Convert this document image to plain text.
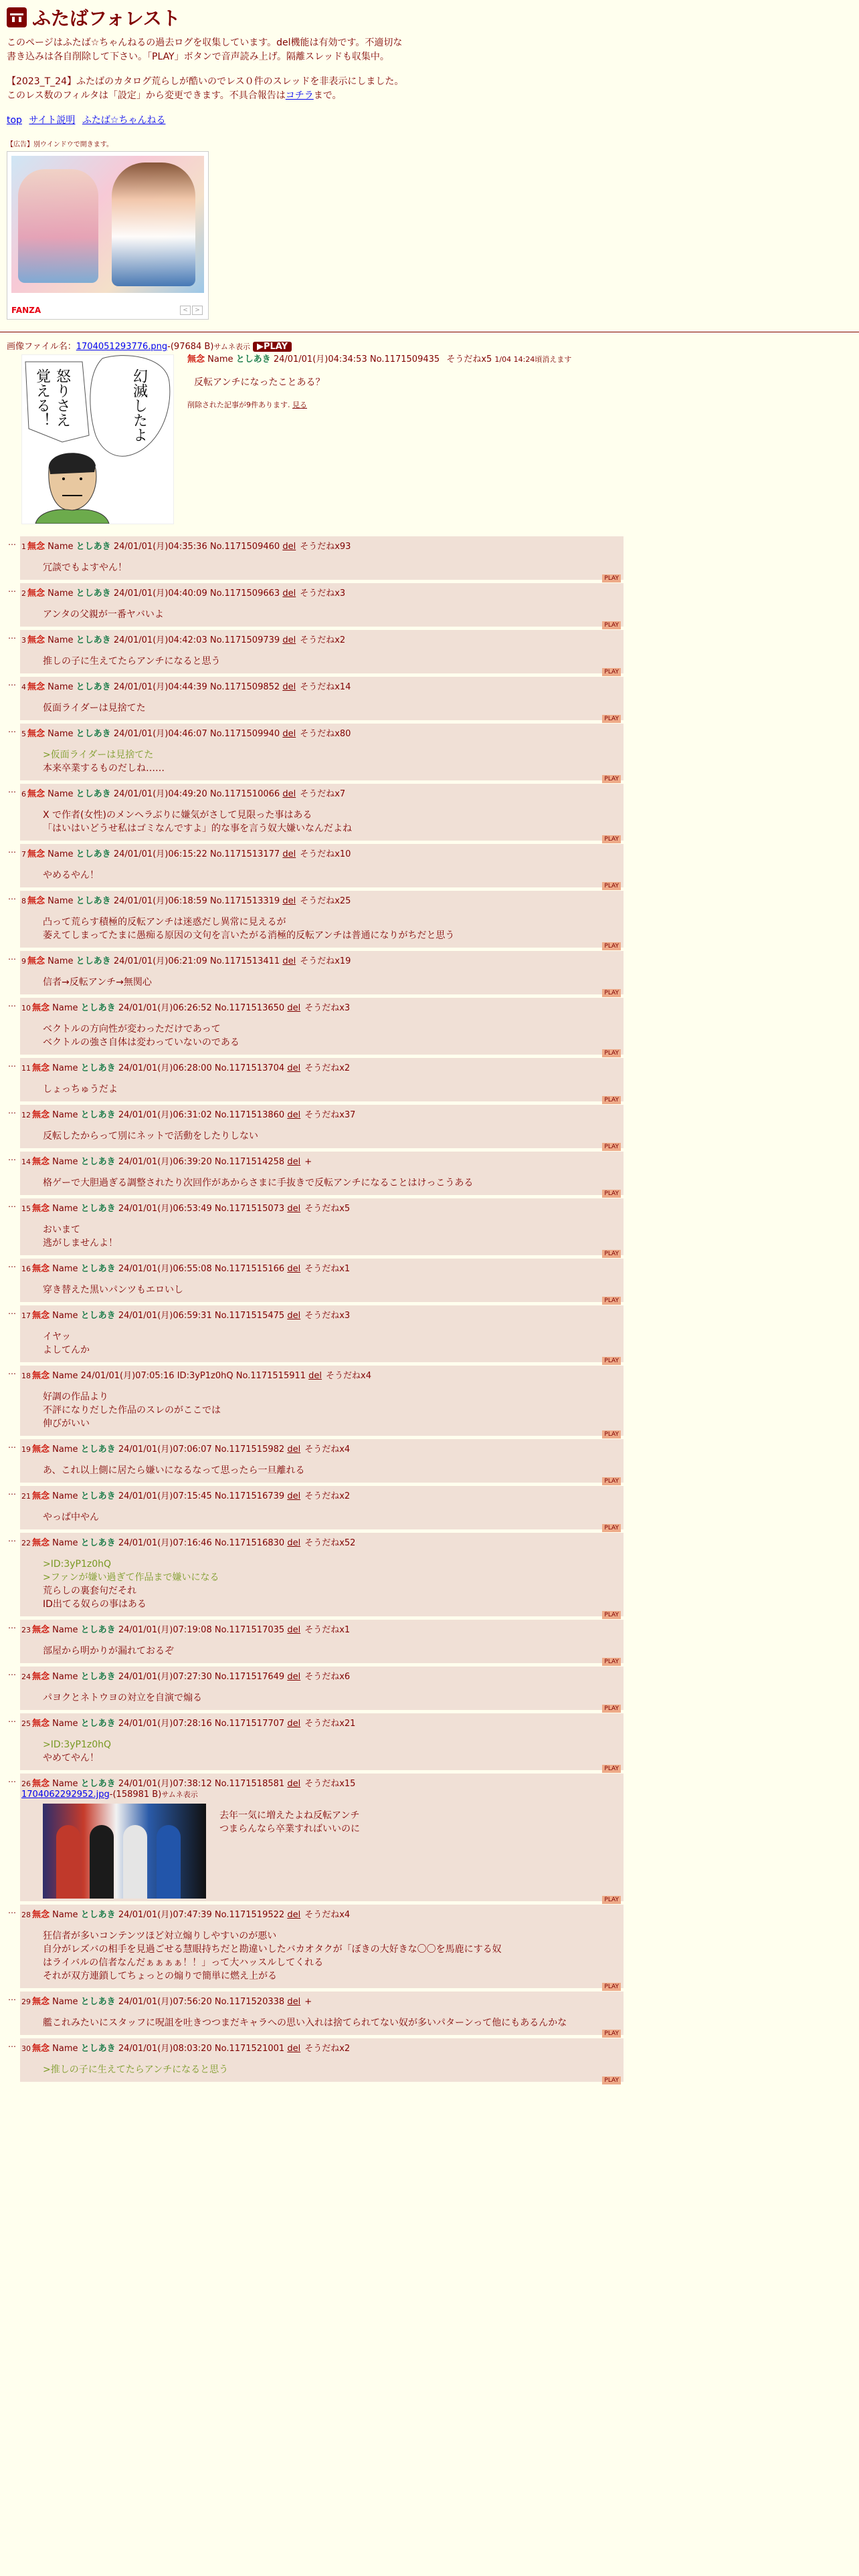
ふたばフォレスト

このページはふたば☆ちゃんねるの過去ログを収集しています。del機能は有効です。不適切な書き込みは各自削除して下さい。「PLAY」ボタンで音声読み上げ。隔離スレッドも収集中。

【2023_T_24】ふたばのカタログ荒らしが酷いのでレス０件のスレッドを非表示にしました。このレス数のフィルタは「設定」から変更できます。不具合報告はコチラまで。

top サイト説明 ふたば☆ちゃんねる
【広告】別ウインドウで開きます。
FANZA	<	>
画像ファイル名：1704051293776.png-(97684 B)サムネ表示 ▶PLAY
幻滅したよ
怒りさえ
覚える！
無念 Name としあき 24/01/01(月)04:34:53 No.1171509435 そうだねx5 1/04 14:24頃消えます
反転アンチになったことある？
削除された記事が9件あります. 見る
… 1 無念 Name としあき 24/01/01(月)04:35:36 No.1171509460 del そうだねx93
冗談でもよすやん！
PLAY
… 2 無念 Name としあき 24/01/01(月)04:40:09 No.1171509663 del そうだねx3
アンタの父親が一番ヤバいよ
PLAY
… 3 無念 Name としあき 24/01/01(月)04:42:03 No.1171509739 del そうだねx2
推しの子に生えてたらアンチになると思う
PLAY
… 4 無念 Name としあき 24/01/01(月)04:44:39 No.1171509852 del そうだねx14
仮面ライダーは見捨てた
PLAY
… 5 無念 Name としあき 24/01/01(月)04:46:07 No.1171509940 del そうだねx80
>仮面ライダーは見捨てた
本来卒業するものだしね……
PLAY
… 6 無念 Name としあき 24/01/01(月)04:49:20 No.1171510066 del そうだねx7
X で作者(女性)のメンヘラぶりに嫌気がさして見限った事はある
「はいはいどうせ私はゴミなんですよ」的な事を言う奴大嫌いなんだよね
PLAY
… 7 無念 Name としあき 24/01/01(月)06:15:22 No.1171513177 del そうだねx10
やめるやん！
PLAY
… 8 無念 Name としあき 24/01/01(月)06:18:59 No.1171513319 del そうだねx25
凸って荒らす積極的反転アンチは迷惑だし異常に見えるが
萎えてしまってたまに愚痴る原因の文句を言いたがる消極的反転アンチは普通になりがちだと思う
PLAY
… 9 無念 Name としあき 24/01/01(月)06:21:09 No.1171513411 del そうだねx19
信者→反転アンチ→無関心
PLAY
… 10 無念 Name としあき 24/01/01(月)06:26:52 No.1171513650 del そうだねx3
ベクトルの方向性が変わっただけであって
ベクトルの強さ自体は変わっていないのである
PLAY
… 11 無念 Name としあき 24/01/01(月)06:28:00 No.1171513704 del そうだねx2
しょっちゅうだよ
PLAY
… 12 無念 Name としあき 24/01/01(月)06:31:02 No.1171513860 del そうだねx37
反転したからって別にネットで活動をしたりしない
PLAY
… 14 無念 Name としあき 24/01/01(月)06:39:20 No.1171514258 del +
格ゲーで大胆過ぎる調整されたり次回作があからさまに手抜きで反転アンチになることはけっこうある
PLAY
… 15 無念 Name としあき 24/01/01(月)06:53:49 No.1171515073 del そうだねx5
おいまて
逃がしませんよ！
PLAY
… 16 無念 Name としあき 24/01/01(月)06:55:08 No.1171515166 del そうだねx1
穿き替えた黒いパンツもエロいし
PLAY
… 17 無念 Name としあき 24/01/01(月)06:59:31 No.1171515475 del そうだねx3
イヤッ
よしてんか
PLAY
… 18 無念 Name 24/01/01(月)07:05:16 ID:3yP1z0hQ No.1171515911 del そうだねx4
好調の作品より
不評になりだした作品のスレのがここでは
伸びがいい
PLAY
… 19 無念 Name としあき 24/01/01(月)07:06:07 No.1171515982 del そうだねx4
あ、これ以上側に居たら嫌いになるなって思ったら一旦離れる
PLAY
… 21 無念 Name としあき 24/01/01(月)07:15:45 No.1171516739 del そうだねx2
やっぱ中やん
PLAY
… 22 無念 Name としあき 24/01/01(月)07:16:46 No.1171516830 del そうだねx52
>ID:3yP1z0hQ
>ファンが嫌い過ぎて作品まで嫌いになる
荒らしの裏套句だそれ
ID出てる奴らの事はある
PLAY
… 23 無念 Name としあき 24/01/01(月)07:19:08 No.1171517035 del そうだねx1
部屋から明かりが漏れておるぞ
PLAY
… 24 無念 Name としあき 24/01/01(月)07:27:30 No.1171517649 del そうだねx6
パヨクとネトウヨの対立を自演で煽る
PLAY
… 25 無念 Name としあき 24/01/01(月)07:28:16 No.1171517707 del そうだねx21
>ID:3yP1z0hQ
やめてやん！
PLAY
… 26 無念 Name としあき 24/01/01(月)07:38:12 No.1171518581 del そうだねx15
1704062292952.jpg-(158981 B)サムネ表示
去年一気に増えたよね反転アンチ
つまらんなら卒業すればいいのに
PLAY
… 28 無念 Name としあき 24/01/01(月)07:47:39 No.1171519522 del そうだねx4
狂信者が多いコンテンツほど対立煽りしやすいのが悪い
自分がレズバの相手を見過ごせる慧眼持ちだと勘違いしたバカオタクが「ぼきの大好きな〇〇を馬鹿にする奴
はライバルの信者なんだぁぁぁぁ！！」って大ハッスルしてくれる
それが双方連鎖してちょっとの煽りで簡単に燃え上がる
PLAY
… 29 無念 Name としあき 24/01/01(月)07:56:20 No.1171520338 del +
艦これみたいにスタッフに呪詛を吐きつつまだキャラへの思い入れは捨てられてない奴が多いパターンって他にもあるんかな
PLAY
… 30 無念 Name としあき 24/01/01(月)08:03:20 No.1171521001 del そうだねx2
>推しの子に生えてたらアンチになると思う
PLAY
